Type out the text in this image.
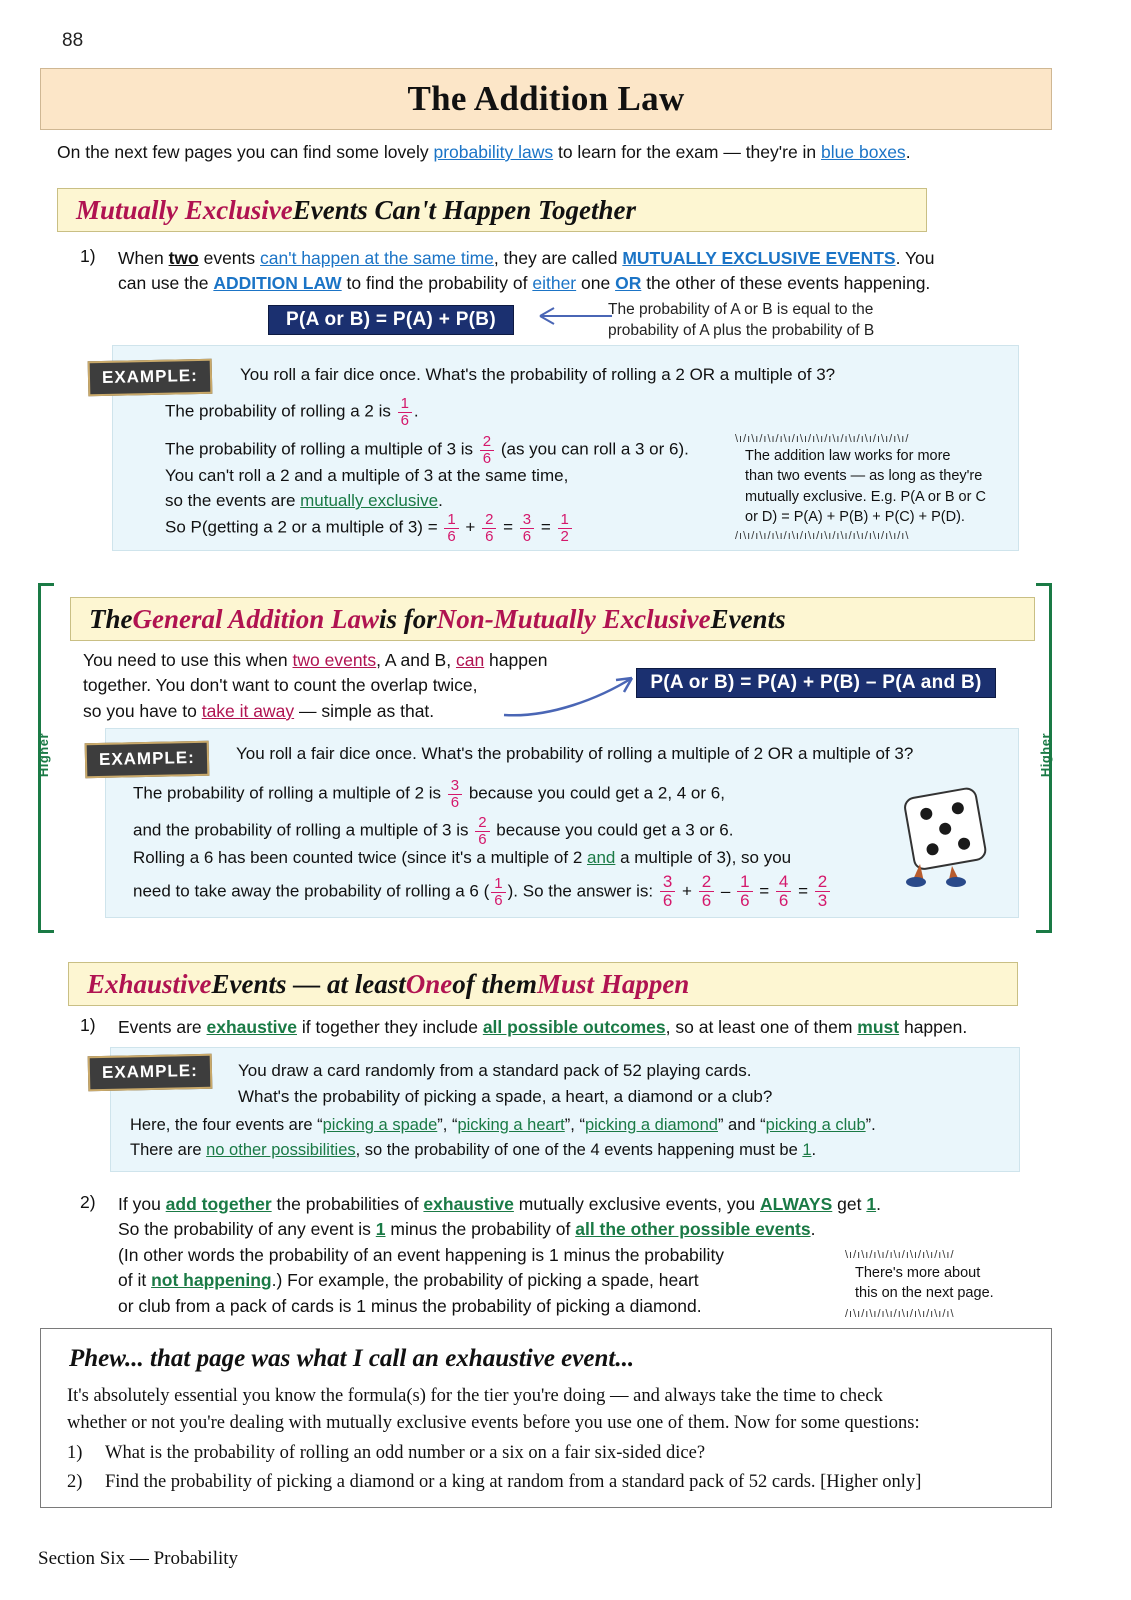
88
The Addition Law
On the next few pages you can find some lovely probability laws to learn for the exam — they're in blue boxes.
Mutually Exclusive Events Can't Happen Together
1) When two events can't happen at the same time, they are called MUTUALLY EXCLUSIVE EVENTS. You
can use the ADDITION LAW to find the probability of either one OR the other of these events happening.
P(A or B) = P(A) + P(B)	The probability of A or B is equal to the
probability of A plus the probability of B
EXAMPLE:	You roll a fair dice once. What's the probability of rolling a 2 OR a multiple of 3?
The probability of rolling a 2 is $\frac{1}{6}$ .
The probability of rolling a multiple of 3 is $\frac{2}{6} (as$ you can roll a 3 or 6).
You can't roll a 2 and a multiple of 3 at the same time,
so the events are mutually exclusive.
So P(getting a 2 or a multiple of $3) = \frac{1}{6} + \frac{2}{6} = \frac{3}{6} = \frac{1}{2}$
\ı/ı\ı/ı\ı/ı\ı/ı\ı/ı\ı/ı\ı/ı\ı/ı\ı/ı\ı/ı\ı/
The addition law works for more
than two events — as long as they're
mutually exclusive. E.g. P(A or B or C
or D) = P(A) + P(B) + P(C) + P(D).
/ı\ı/ı\ı/ı\ı/ı\ı/ı\ı/ı\ı/ı\ı/ı\ı/ı\ı/ı\ı/ı\
Higher	Higher
The General Addition Law is for Non-Mutually Exclusive Events
You need to use this when two events, A and B, can happen
together. You don't want to count the overlap twice,
so you have to take it away — simple as that.
P(A or B) = P(A) + P(B) – P(A and B)
EXAMPLE:	You roll a fair dice once. What's the probability of rolling a multiple of 2 OR a multiple of 3?
The probability of rolling a multiple of 2 is $\frac{3}{6}$ because you could get a 2, 4 or 6,
and the probability of rolling a multiple of 3 is $\frac{2}{6}$ because you could get a 3 or 6.
Rolling a 6 has been counted twice (since it's a multiple of 2 and a multiple of 3), so you
need to take away the probability of rolling a 6 ( $\frac{1}{6}$ ). So the answer is: $\frac{3}{6} + \frac{2}{6} - \frac{1}{6} = \frac{4}{6} = \frac{2}{3}$
Exhaustive Events — at least One of them Must Happen
1) Events are exhaustive if together they include all possible outcomes, so at least one of them must happen.
EXAMPLE:	You draw a card randomly from a standard pack of 52 playing cards.
What's the probability of picking a spade, a heart, a diamond or a club?
Here, the four events are “picking a spade”, “picking a heart”, “picking a diamond” and “picking a club”.
There are no other possibilities, so the probability of one of the 4 events happening must be 1.
2) If you add together the probabilities of exhaustive mutually exclusive events, you ALWAYS get 1.
So the probability of any event is 1 minus the probability of all the other possible events.
(In other words the probability of an event happening is 1 minus the probability
of it not happening.) For example, the probability of picking a spade, heart
or club from a pack of cards is 1 minus the probability of picking a diamond.
\ı/ı\ı/ı\ı/ı\ı/ı\ı/ı\ı/ı\ı/
There's more about
this on the next page.
/ı\ı/ı\ı/ı\ı/ı\ı/ı\ı/ı\ı/ı\
Phew... that page was what I call an exhaustive event...
It's absolutely essential you know the formula(s) for the tier you're doing — and always take the time to check
whether or not you're dealing with mutually exclusive events before you use one of them. Now for some questions:
1) What is the probability of rolling an odd number or a six on a fair six-sided dice?
2) Find the probability of picking a diamond or a king at random from a standard pack of 52 cards. [Higher only]
Section Six — Probability
